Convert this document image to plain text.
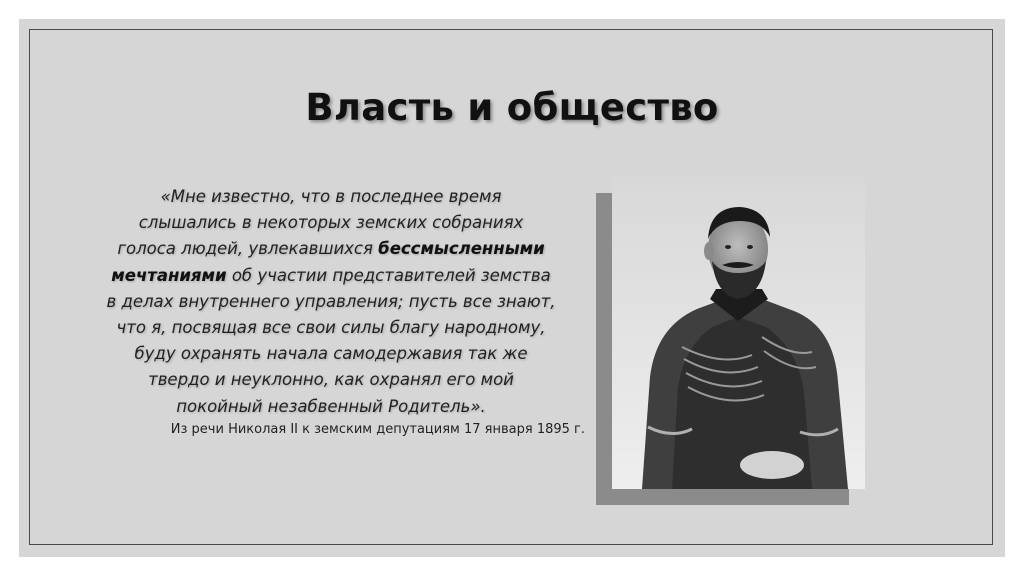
Власть и общество
«Мне известно, что в последнее время
слышались в некоторых земских собраниях
голоса людей, увлекавшихся бессмысленными
мечтаниями об участии представителей земства
в делах внутреннего управления; пусть все знают,
что я, посвящая все свои силы благу народному,
буду охранять начала самодержавия так же
твердо и неуклонно, как охранял его мой
покойный незабвенный Родитель».
Из речи Николая II к земским депутациям 17 января 1895 г.
